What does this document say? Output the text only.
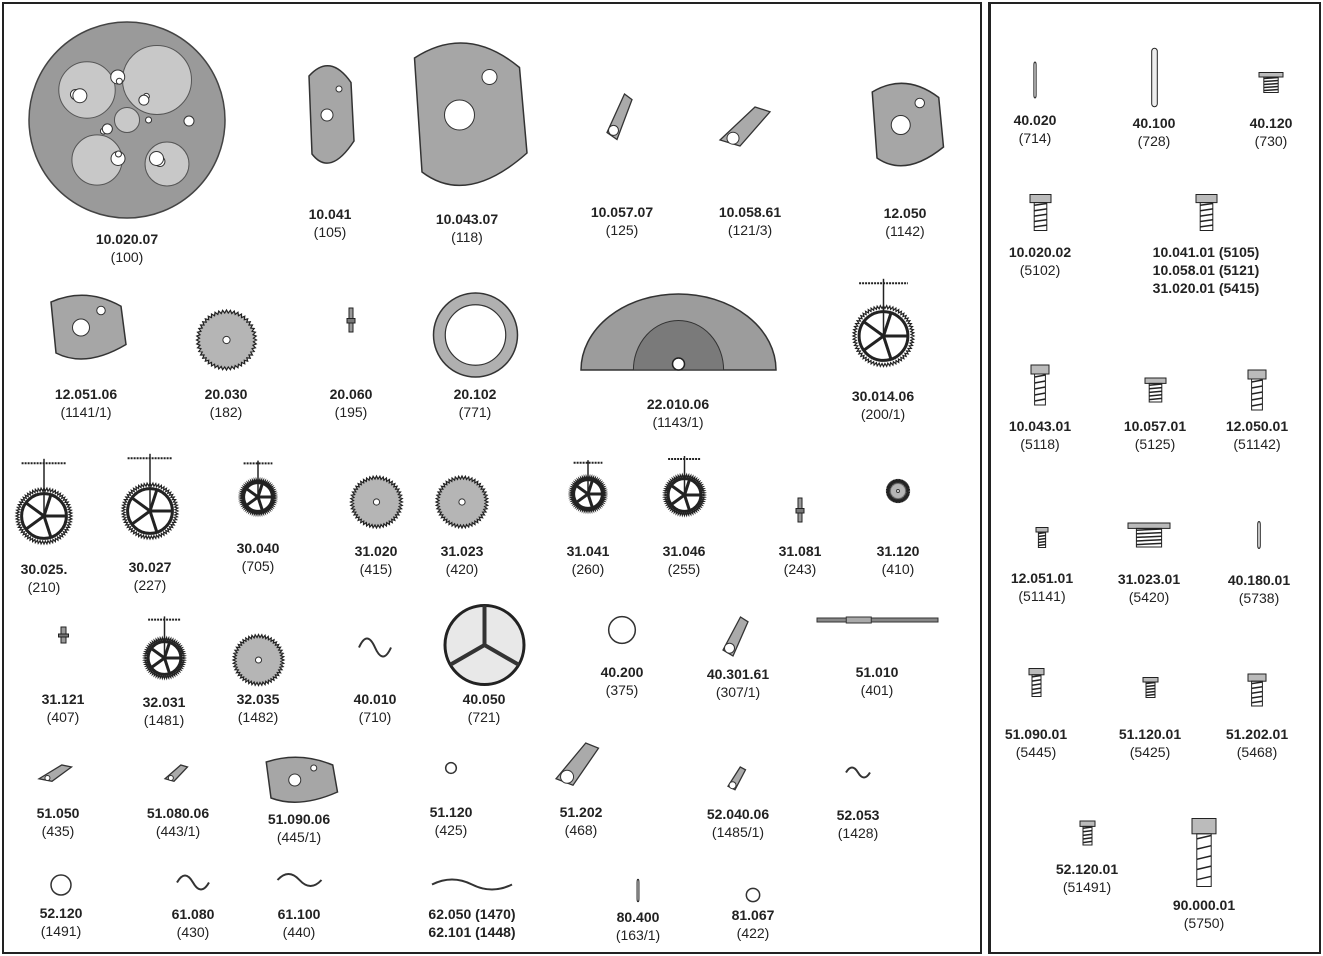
10.020.07
(100)
10.041
(105)
10.043.07
(118)
10.057.07
(125)
10.058.61
(121/3)
12.050
(1142)
12.051.06
(1141/1)
20.030
(182)
20.060
(195)
20.102
(771)	22.010.06
(1143/1)
30.014.06
(200/1)
30.025.
(210)
30.027
(227)
30.040
(705)
31.020
(415)
31.023
(420)
31.041
(260)
31.046
(255)
31.081
(243)
31.120
(410)
31.121
(407)
32.031
(1481)
32.035
(1482)
40.010
(710)
40.050
(721)
40.200
(375)
40.301.61
(307/1)
51.010
(401)
51.050
(435)
51.080.06
(443/1)
51.090.06
(445/1)
51.120
(425)
51.202
(468)
52.040.06
(1485/1)
52.053
(1428)
52.120
(1491)
61.080
(430)
61.100
(440)
62.050 (1470)
62.101 (1448)
80.400
(163/1)
81.067
(422)
40.020
(714)
40.100
(728)
40.120
(730)
10.020.02
(5102)
10.041.01 (5105)
10.058.01 (5121)
31.020.01 (5415)
10.043.01
(5118)
10.057.01
(5125)
12.050.01
(51142)
12.051.01
(51141)
31.023.01
(5420)
40.180.01
(5738)
51.090.01
(5445)
51.120.01
(5425)
51.202.01
(5468)
52.120.01
(51491)
90.000.01
(5750)
